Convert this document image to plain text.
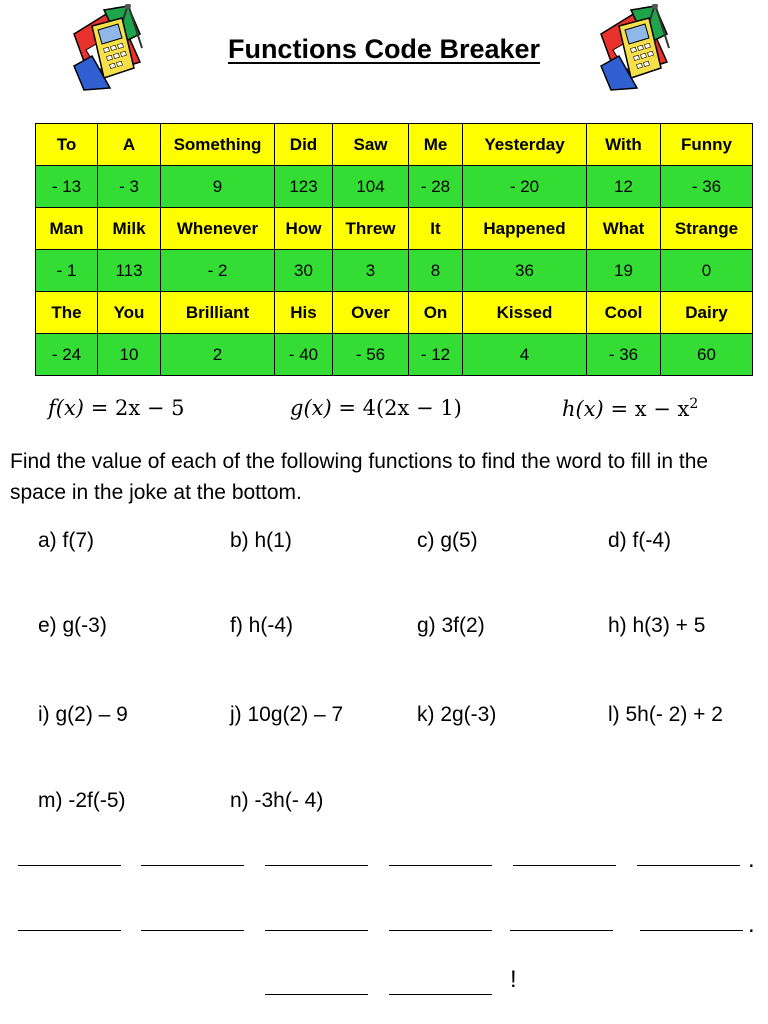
Functions Code Breaker
To	A	Something	Did	Saw	Me	Yesterday	With	Funny
- 13	- 3	9	123	104	- 28	- 20	12	- 36
Man	Milk	Whenever	How	Threw	It	Happened	What	Strange
- 1	113	- 2	30	3	8	36	19	0
The	You	Brilliant	His	Over	On	Kissed	Cool	Dairy
- 24	10	2	- 40	- 56	- 12	4	- 36	60
f(x) = 2x − 5	g(x) = 4(2x − 1)	$h(x) = x - x^2$
Find the value of each of the following functions to find the word to fill in the space in the joke at the bottom.
a) f(7)	b) h(1)	c) g(5)	d) f(-4)
e) g(-3)	f) h(-4)	g) 3f(2)	h) h(3) + 5
i) g(2) – 9	j) 10g(2) – 7	k) 2g(-3)	l) 5h(- 2) + 2
m) -2f(-5)	n) -3h(- 4)
.
.
!
